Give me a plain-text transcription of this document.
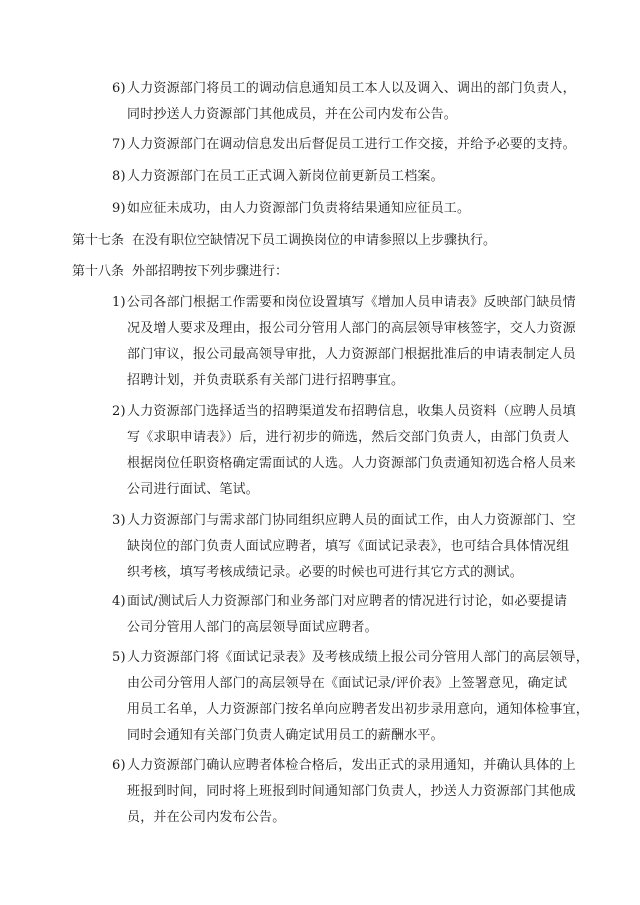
6) 人力资源部门将员工的调动信息通知员工本人以及调入、调出的部门负责人，
同时抄送人力资源部门其他成员，并在公司内发布公告。
7) 人力资源部门在调动信息发出后督促员工进行工作交接，并给予必要的支持。
8) 人力资源部门在员工正式调入新岗位前更新员工档案。
9) 如应征未成功，由人力资源部门负责将结果通知应征员工。
第十七条 在没有职位空缺情况下员工调换岗位的申请参照以上步骤执行。
第十八条 外部招聘按下列步骤进行：
1) 公司各部门根据工作需要和岗位设置填写《增加人员申请表》反映部门缺员情
况及增人要求及理由，报公司分管用人部门的高层领导审核签字，交人力资源
部门审议，报公司最高领导审批，人力资源部门根据批准后的申请表制定人员
招聘计划，并负责联系有关部门进行招聘事宜。
2) 人力资源部门选择适当的招聘渠道发布招聘信息，收集人员资料（应聘人员填
写《求职申请表》）后，进行初步的筛选，然后交部门负责人，由部门负责人
根据岗位任职资格确定需面试的人选。人力资源部门负责通知初选合格人员来
公司进行面试、笔试。
3) 人力资源部门与需求部门协同组织应聘人员的面试工作，由人力资源部门、空
缺岗位的部门负责人面试应聘者，填写《面试记录表》，也可结合具体情况组
织考核，填写考核成绩记录。必要的时候也可进行其它方式的测试。
4) 面试/测试后人力资源部门和业务部门对应聘者的情况进行讨论，如必要提请
公司分管用人部门的高层领导面试应聘者。
5) 人力资源部门将《面试记录表》及考核成绩上报公司分管用人部门的高层领导，
由公司分管用人部门的高层领导在《面试记录/评价表》上签署意见，确定试
用员工名单，人力资源部门按名单向应聘者发出初步录用意向，通知体检事宜，
同时会通知有关部门负责人确定试用员工的薪酬水平。
6) 人力资源部门确认应聘者体检合格后，发出正式的录用通知，并确认具体的上
班报到时间，同时将上班报到时间通知部门负责人，抄送人力资源部门其他成
员，并在公司内发布公告。
